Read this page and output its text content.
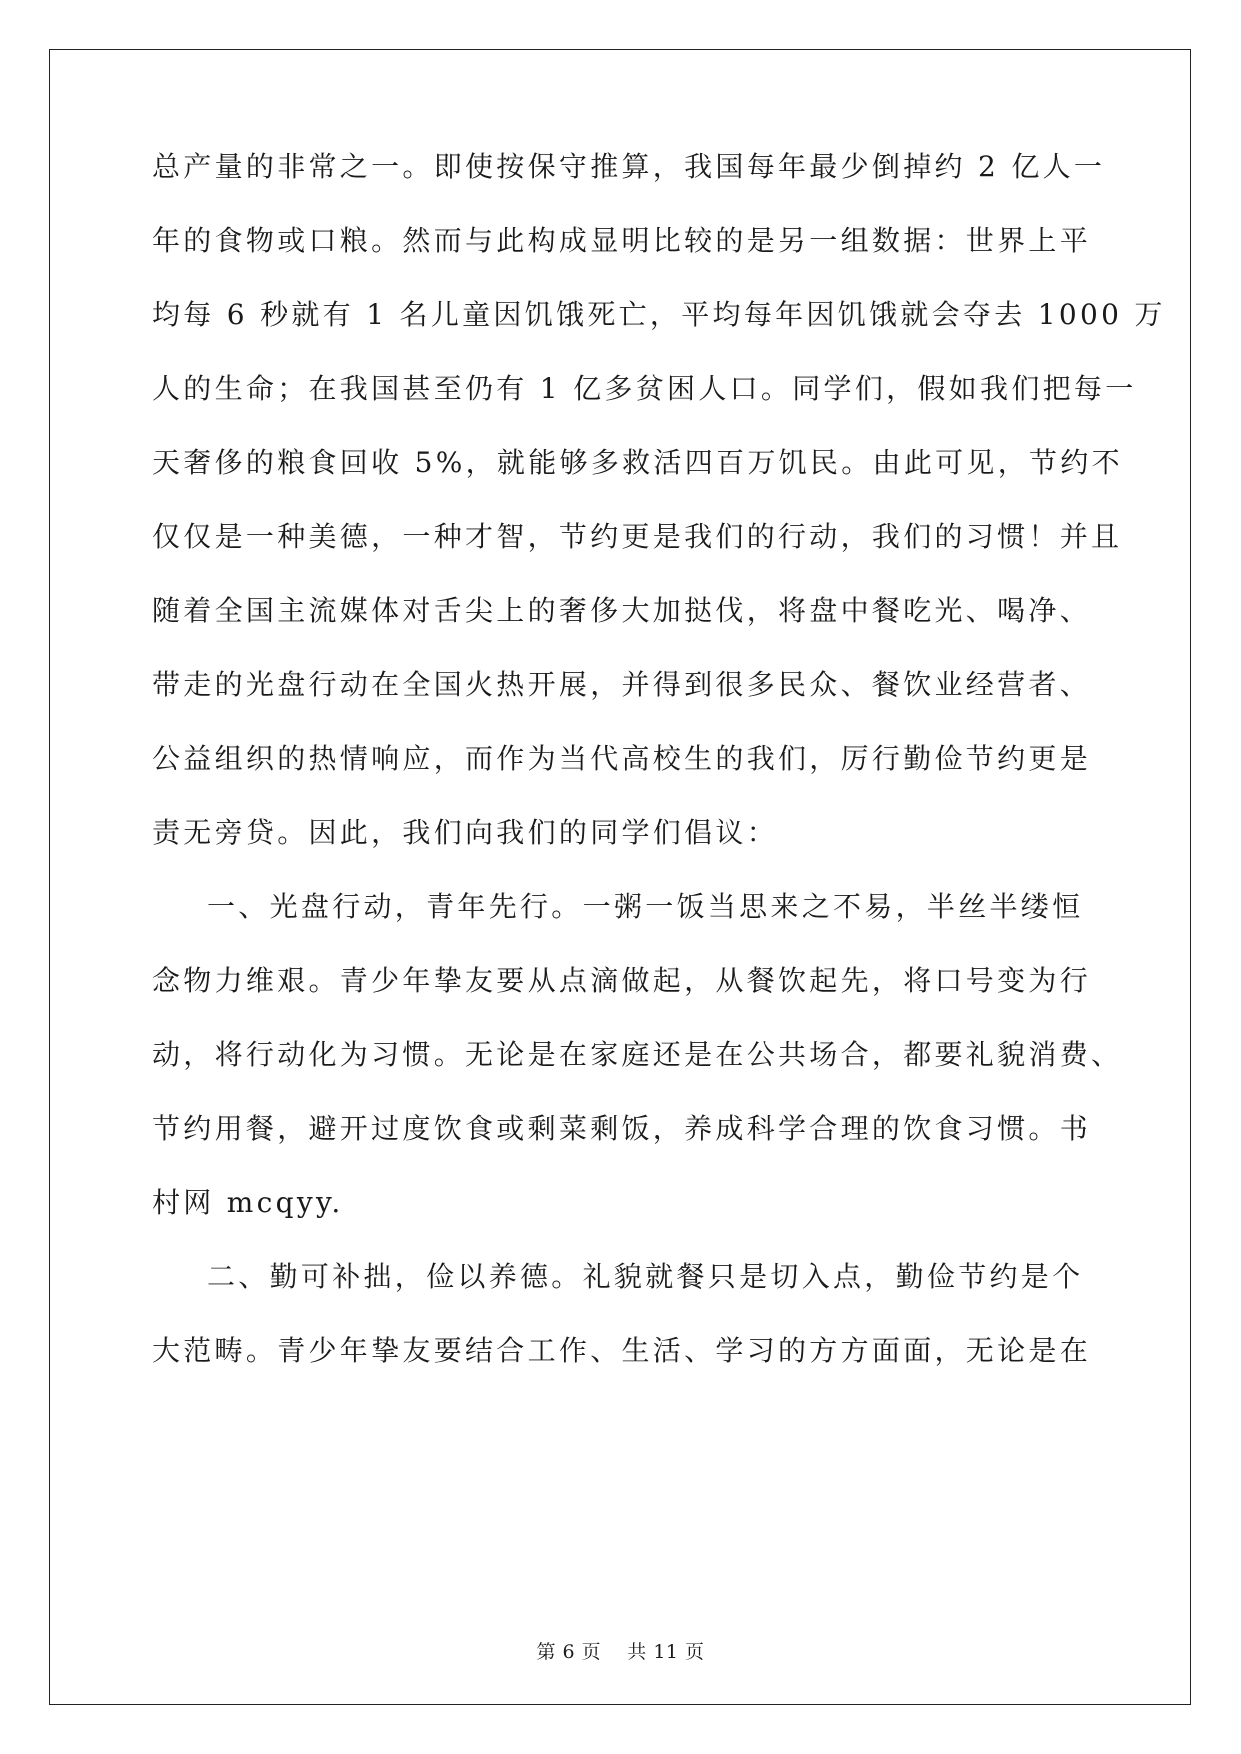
总产量的非常之一。即使按保守推算，我国每年最少倒掉约 2 亿人一
年的食物或口粮。然而与此构成显明比较的是另一组数据：世界上平
均每 6 秒就有 1 名儿童因饥饿死亡，平均每年因饥饿就会夺去 1000 万
人的生命；在我国甚至仍有 1 亿多贫困人口。同学们，假如我们把每一
天奢侈的粮食回收 5%，就能够多救活四百万饥民。由此可见，节约不
仅仅是一种美德，一种才智，节约更是我们的行动，我们的习惯！并且
随着全国主流媒体对舌尖上的奢侈大加挞伐，将盘中餐吃光、喝净、
带走的光盘行动在全国火热开展，并得到很多民众、餐饮业经营者、
公益组织的热情响应，而作为当代高校生的我们，厉行勤俭节约更是
责无旁贷。因此，我们向我们的同学们倡议：
一、光盘行动，青年先行。一粥一饭当思来之不易，半丝半缕恒
念物力维艰。青少年挚友要从点滴做起，从餐饮起先，将口号变为行
动，将行动化为习惯。无论是在家庭还是在公共场合，都要礼貌消费、
节约用餐，避开过度饮食或剩菜剩饭，养成科学合理的饮食习惯。书
村网 mcqyy.
二、勤可补拙，俭以养德。礼貌就餐只是切入点，勤俭节约是个
大范畴。青少年挚友要结合工作、生活、学习的方方面面，无论是在
第 6 页    共 11 页
